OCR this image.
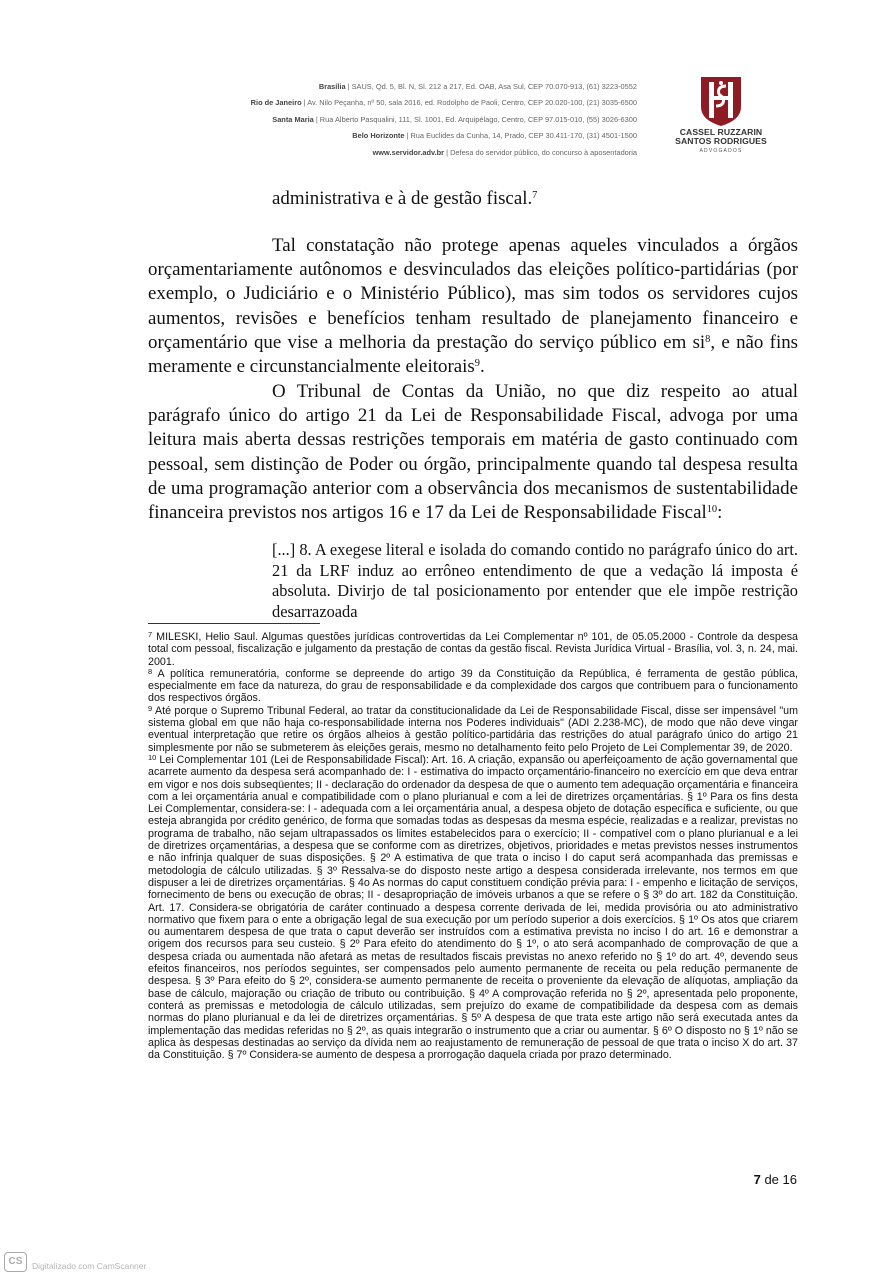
Brasília | SAUS, Qd. 5, Bl. N, Sl. 212 a 217, Ed. OAB, Asa Sul, CEP 70.070-913, (61) 3223-0552
Rio de Janeiro | Av. Nilo Peçanha, nº 50, sala 2016, ed. Rodolpho de Paoli, Centro, CEP 20.020-100, (21) 3035-6500
Santa Maria | Rua Alberto Pasqualini, 111, Sl. 1001, Ed. Arquipélago, Centro, CEP 97.015-010, (55) 3026-6300
Belo Horizonte | Rua Euclides da Cunha, 14, Prado, CEP 30.411-170, (31) 4501-1500
www.servidor.adv.br | Defesa do servidor público, do concurso à aposentadoria
CASSEL RUZZARIN
SANTOS RODRIGUES
ADVOGADOS
administrativa e à de gestão fiscal.$^7$
Tal constatação não protege apenas aqueles vinculados a órgãos orçamentariamente autônomos e desvinculados das eleições político-partidárias (por exemplo, o Judiciário e o Ministério Público), mas sim todos os servidores cujos aumentos, revisões e benefícios tenham resultado de planejamento financeiro e orçamentário que vise a melhoria da prestação do serviço público em $si^8$, e não fins meramente e circunstancialmente eleitorais$^9$.
O Tribunal de Contas da União, no que diz respeito ao atual parágrafo único do artigo 21 da Lei de Responsabilidade Fiscal, advoga por uma leitura mais aberta dessas restrições temporais em matéria de gasto continuado com pessoal, sem distinção de Poder ou órgão, principalmente quando tal despesa resulta de uma programação anterior com a observância dos mecanismos de sustentabilidade financeira previstos nos artigos 16 e 17 da Lei de Responsabilidade Fiscal$^{10}$:
[...] 8. A exegese literal e isolada do comando contido no parágrafo único do art. 21 da LRF induz ao errôneo entendimento de que a vedação lá imposta é absoluta. Divirjo de tal posicionamento por entender que ele impõe restrição desarrazoada

$^7$ MILESKI, Helio Saul. Algumas questões jurídicas controvertidas da Lei Complementar nº 101, de 05.05.2000 - Controle da despesa total com pessoal, fiscalização e julgamento da prestação de contas da gestão fiscal. Revista Jurídica Virtual - Brasília, vol. 3, n. 24, mai. 2001.

$^8$ A política remuneratória, conforme se depreende do artigo 39 da Constituição da República, é ferramenta de gestão pública, especialmente em face da natureza, do grau de responsabilidade e da complexidade dos cargos que contribuem para o funcionamento dos respectivos órgãos.

$^9$ Até porque o Supremo Tribunal Federal, ao tratar da constitucionalidade da Lei de Responsabilidade Fiscal, disse ser impensável "um sistema global em que não haja co-responsabilidade interna nos Poderes individuais" (ADI 2.238-MC), de modo que não deve vingar eventual interpretação que retire os órgãos alheios à gestão político-partidária das restrições do atual parágrafo único do artigo 21 simplesmente por não se submeterem às eleições gerais, mesmo no detalhamento feito pelo Projeto de Lei Complementar 39, de 2020.

$^{10}$ Lei Complementar 101 (Lei de Responsabilidade Fiscal): Art. 16. A criação, expansão ou aperfeiçoamento de ação governamental que acarrete aumento da despesa será acompanhado de: I - estimativa do impacto orçamentário-financeiro no exercício em que deva entrar em vigor e nos dois subseqüentes; II - declaração do ordenador da despesa de que o aumento tem adequação orçamentária e financeira com a lei orçamentária anual e compatibilidade com o plano plurianual e com a lei de diretrizes orçamentárias. § 1º Para os fins desta Lei Complementar, considera-se: I - adequada com a lei orçamentária anual, a despesa objeto de dotação específica e suficiente, ou que esteja abrangida por crédito genérico, de forma que somadas todas as despesas da mesma espécie, realizadas e a realizar, previstas no programa de trabalho, não sejam ultrapassados os limites estabelecidos para o exercício; II - compatível com o plano plurianual e a lei de diretrizes orçamentárias, a despesa que se conforme com as diretrizes, objetivos, prioridades e metas previstos nesses instrumentos e não infrinja qualquer de suas disposições. § 2º A estimativa de que trata o inciso I do caput será acompanhada das premissas e metodologia de cálculo utilizadas. § 3º Ressalva-se do disposto neste artigo a despesa considerada irrelevante, nos termos em que dispuser a lei de diretrizes orçamentárias. § 4o As normas do caput constituem condição prévia para: I - empenho e licitação de serviços, fornecimento de bens ou execução de obras; II - desapropriação de imóveis urbanos a que se refere o § 3º do art. 182 da Constituição. Art. 17. Considera-se obrigatória de caráter continuado a despesa corrente derivada de lei, medida provisória ou ato administrativo normativo que fixem para o ente a obrigação legal de sua execução por um período superior a dois exercícios. § 1º Os atos que criarem ou aumentarem despesa de que trata o caput deverão ser instruídos com a estimativa prevista no inciso I do art. 16 e demonstrar a origem dos recursos para seu custeio. § 2º Para efeito do atendimento do § 1º, o ato será acompanhado de comprovação de que a despesa criada ou aumentada não afetará as metas de resultados fiscais previstas no anexo referido no § 1º do art. 4º, devendo seus efeitos financeiros, nos períodos seguintes, ser compensados pelo aumento permanente de receita ou pela redução permanente de despesa. § 3º Para efeito do § 2º, considera-se aumento permanente de receita o proveniente da elevação de alíquotas, ampliação da base de cálculo, majoração ou criação de tributo ou contribuição. § 4º A comprovação referida no § 2º, apresentada pelo proponente, conterá as premissas e metodologia de cálculo utilizadas, sem prejuízo do exame de compatibilidade da despesa com as demais normas do plano plurianual e da lei de diretrizes orçamentárias. § 5º A despesa de que trata este artigo não será executada antes da implementação das medidas referidas no § 2º, as quais integrarão o instrumento que a criar ou aumentar. § 6º O disposto no § 1º não se aplica às despesas destinadas ao serviço da dívida nem ao reajustamento de remuneração de pessoal de que trata o inciso X do art. 37 da Constituição. § 7º Considera-se aumento de despesa a prorrogação daquela criada por prazo determinado.

7 de 16
CS	Digitalizado com CamScanner
